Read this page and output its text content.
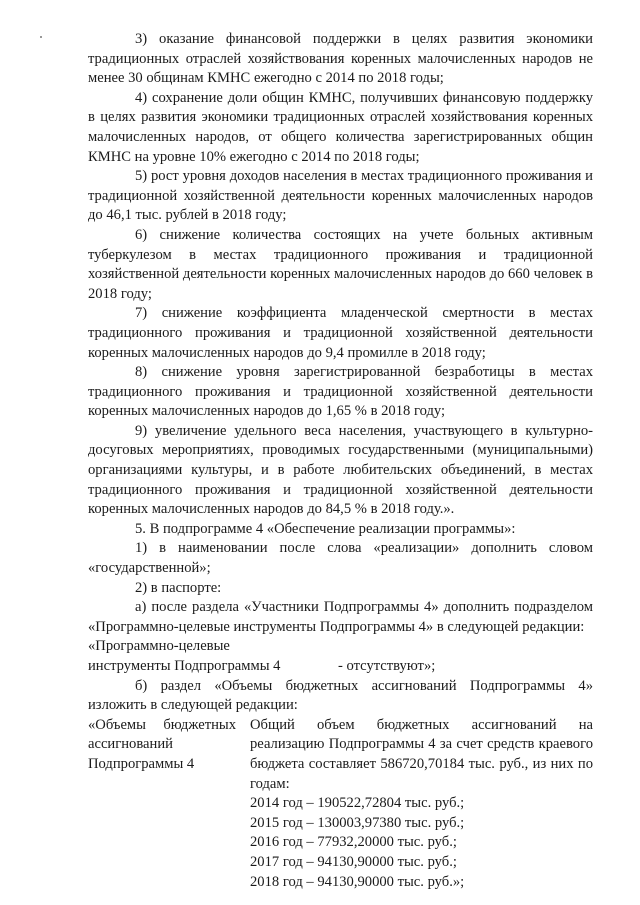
3) оказание финансовой поддержки в целях развития экономики традиционных отраслей хозяйствования коренных малочисленных народов не менее 30 общинам КМНС ежегодно с 2014 по 2018 годы;

4) сохранение доли общин КМНС, получивших финансовую поддержку в целях развития экономики традиционных отраслей хозяйствования коренных малочисленных народов, от общего количества зарегистрированных общин КМНС на уровне 10% ежегодно с 2014 по 2018 годы;

5) рост уровня доходов населения в местах традиционного проживания и традиционной хозяйственной деятельности коренных малочисленных народов до 46,1 тыс. рублей в 2018 году;

6) снижение количества состоящих на учете больных активным туберкулезом в местах традиционного проживания и традиционной хозяйственной деятельности коренных малочисленных народов до 660 человек в 2018 году;

7) снижение коэффициента младенческой смертности в местах традиционного проживания и традиционной хозяйственной деятельности коренных малочисленных народов до 9,4 промилле в 2018 году;

8) снижение уровня зарегистрированной безработицы в местах традиционного проживания и традиционной хозяйственной деятельности коренных малочисленных народов до 1,65 % в 2018 году;

9) увеличение удельного веса населения, участвующего в культурно-досуговых мероприятиях, проводимых государственными (муниципальными) организациями культуры, и в работе любительских объединений, в местах традиционного проживания и традиционной хозяйственной деятельности коренных малочисленных народов до 84,5 % в 2018 году.».

5. В подпрограмме 4 «Обеспечение реализации программы»:

1) в наименовании после слова «реализации» дополнить словом «государственной»;

2) в паспорте:

а) после раздела «Участники Подпрограммы 4» дополнить подразделом «Программно-целевые инструменты Подпрограммы 4» в следующей редакции:

«Программно-целевые

инструменты Подпрограммы 4	- отсутствуют»;

б) раздел «Объемы бюджетных ассигнований Подпрограммы 4» изложить в следующей редакции:

«Объемы бюджетных ассигнований Подпрограммы 4

Общий объем бюджетных ассигнований на реализацию Подпрограммы 4 за счет средств краевого бюджета составляет 586720,70184 тыс. руб., из них по годам:

2014 год – 190522,72804 тыс. руб.;

2015 год – 130003,97380 тыс. руб.;

2016 год – 77932,20000 тыс. руб.;

2017 год – 94130,90000 тыс. руб.;

2018 год – 94130,90000 тыс. руб.»;
